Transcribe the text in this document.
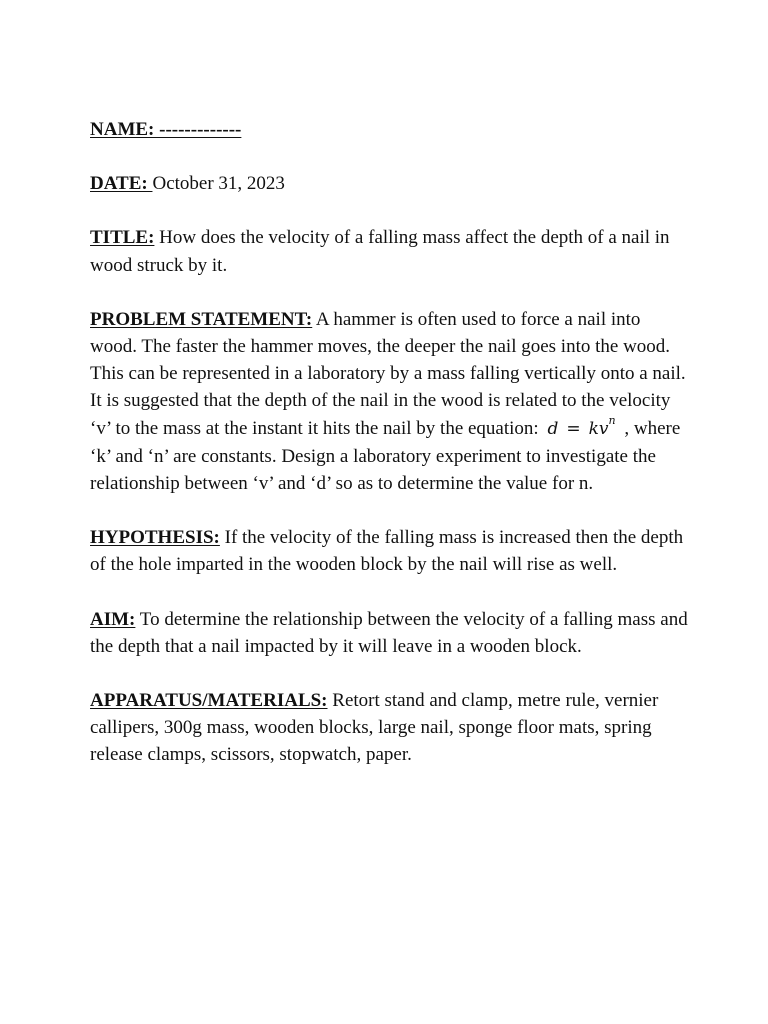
NAME: -------------

DATE: October 31, 2023

TITLE: How does the velocity of a falling mass affect the depth of a nail in wood struck by it.

PROBLEM STATEMENT: A hammer is often used to force a nail into wood. The faster the hammer moves, the deeper the nail goes into the wood. This can be represented in a laboratory by a mass falling vertically onto a nail. It is suggested that the depth of the nail in the wood is related to the velocity ‘v’ to the mass at the instant it hits the nail by the equation: $d = kv^n$ , where ‘k’ and ‘n’ are constants. Design a laboratory experiment to investigate the relationship between ‘v’ and ‘d’ so as to determine the value for n.

HYPOTHESIS: If the velocity of the falling mass is increased then the depth of the hole imparted in the wooden block by the nail will rise as well.

AIM: To determine the relationship between the velocity of a falling mass and the depth that a nail impacted by it will leave in a wooden block.

APPARATUS/MATERIALS: Retort stand and clamp, metre rule, vernier callipers, 300g mass, wooden blocks, large nail, sponge floor mats, spring release clamps, scissors, stopwatch, paper.
